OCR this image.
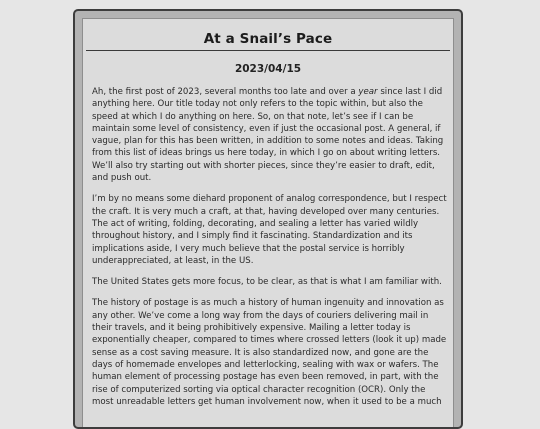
At a Snail’s Pace
2023/04/15

Ah, the first post of 2023, several months too late and over a year since last I did anything here. Our title today not only refers to the topic within, but also the speed at which I do anything on here. So, on that note, let’s see if I can be maintain some level of consistency, even if just the occasional post. A general, if vague, plan for this has been written, in addition to some notes and ideas. Taking from this list of ideas brings us here today, in which I go on about writing letters. We’ll also try starting out with shorter pieces, since they’re easier to draft, edit, and push out.

I’m by no means some diehard proponent of analog correspondence, but I respect the craft. It is very much a craft, at that, having developed over many centuries. The act of writing, folding, decorating, and sealing a letter has varied wildly throughout history, and I simply find it fascinating. Standardization and its implications aside, I very much believe that the postal service is horribly underappreciated, at least, in the US.

The United States gets more focus, to be clear, as that is what I am familiar with.

The history of postage is as much a history of human ingenuity and innovation as any other. We’ve come a long way from the days of couriers delivering mail in their travels, and it being prohibitively expensive. Mailing a letter today is exponentially cheaper, compared to times where crossed letters (look it up) made sense as a cost saving measure. It is also standardized now, and gone are the days of homemade envelopes and letterlocking, sealing with wax or wafers. The human element of processing postage has even been removed, in part, with the rise of computerized sorting via optical character recognition (OCR). Only the most unreadable letters get human involvement now, when it used to be a much
